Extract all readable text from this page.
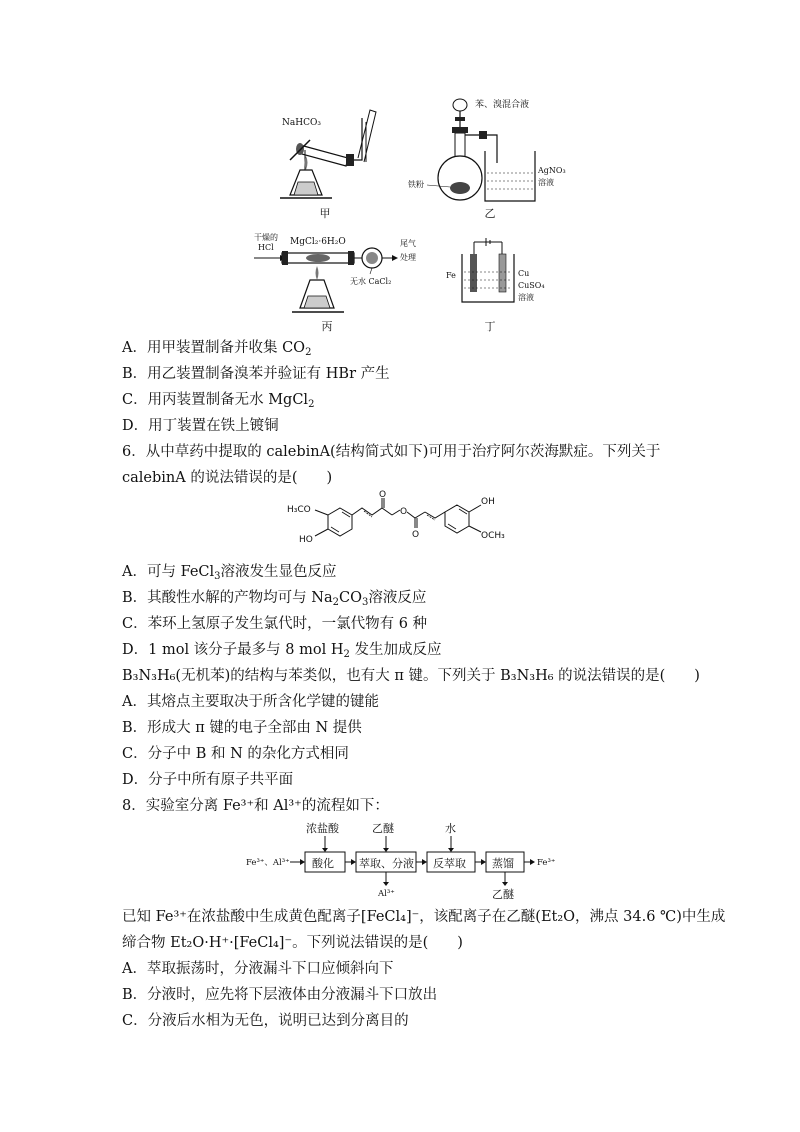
NaHCO₃
甲
苯、溴混合液
AgNO₃
溶液
铁粉
乙
干燥的
HCl
MgCl₂·6H₂O	尾气
处理
无水 CaCl₂
丙
Fe	Cu
CuSO₄
溶液
丁
A．用甲装置制备并收集 $CO_2$
B．用乙装置制备溴苯并验证有 HBr 产生
C．用丙装置制备无水 MgCl$_2$
D．用丁装置在铁上镀铜
6．从中草药中提取的 calebinA(结构简式如下)可用于治疗阿尔茨海默症。下列关于
calebinA 的说法错误的是(　　)
H₃CO
HO
O
O
O
OH
OCH₃
A．可与 FeCl$_3$溶液发生显色反应
B．其酸性水解的产物均可与 $Na_2CO_3$溶液反应
C．苯环上氢原子发生氯代时，一氯代物有 6 种
D．1 mol 该分子最多与 8 mol $H_2$ 发生加成反应
B₃N₃H₆(无机苯)的结构与苯类似，也有大 π 键。下列关于 B₃N₃H₆ 的说法错误的是(　　)
A．其熔点主要取决于所含化学键的键能
B．形成大 π 键的电子全部由 N 提供
C．分子中 B 和 N 的杂化方式相同
D．分子中所有原子共平面
8．实验室分离 Fe³⁺和 Al³⁺的流程如下：
Fe³⁺、Al³⁺ 酸化
浓盐酸
萃取、分液
乙醚
Al³⁺
反萃取
水
蒸馏
乙醚
Fe³⁺
已知 Fe³⁺在浓盐酸中生成黄色配离子[FeCl₄]⁻，该配离子在乙醚(Et₂O，沸点 34.6 ℃)中生成
缔合物 Et₂O·H⁺·[FeCl₄]⁻。下列说法错误的是(　　)
A．萃取振荡时，分液漏斗下口应倾斜向下
B．分液时，应先将下层液体由分液漏斗下口放出
C．分液后水相为无色，说明已达到分离目的
